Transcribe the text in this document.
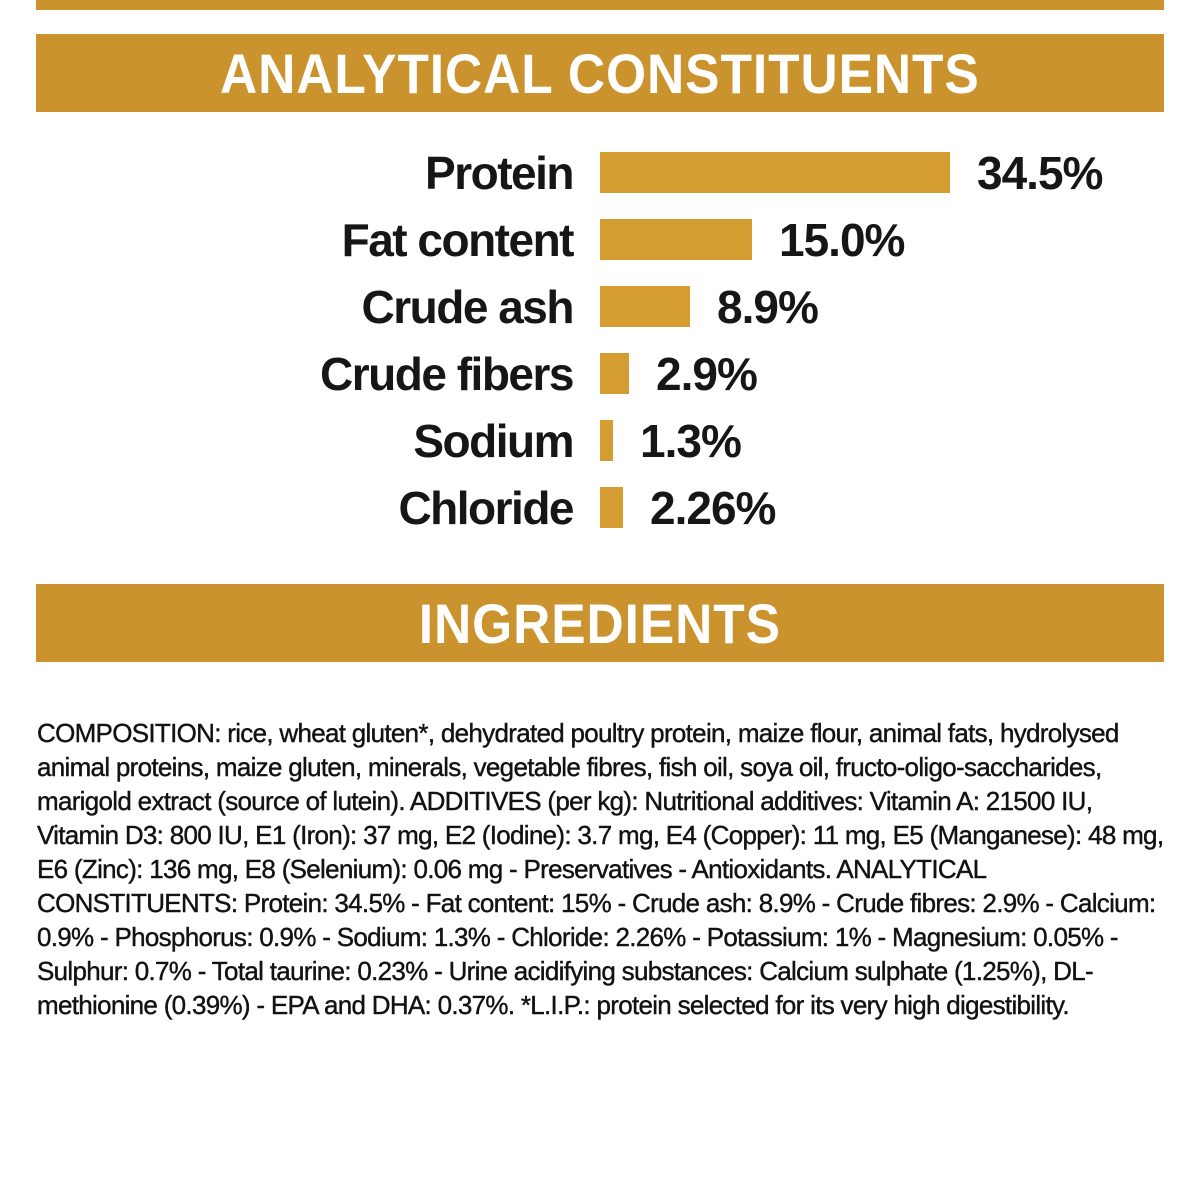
ANALYTICAL CONSTITUENTS
Protein	34.5%
Fat content	15.0%
Crude ash	8.9%
Crude fibers 2.9%
Sodium 1.3%
Chloride 2.26%
INGREDIENTS

COMPOSITION: rice, wheat gluten*, dehydrated poultry protein, maize flour, animal fats, hydrolysed animal proteins, maize gluten, minerals, vegetable fibres, fish oil, soya oil, fructo-oligo-saccharides, marigold extract (source of lutein). ADDITIVES (per kg): Nutritional additives: Vitamin A: 21500 IU, Vitamin D3: 800 IU, E1 (Iron): 37 mg, E2 (Iodine): 3.7 mg, E4 (Copper): 11 mg, E5 (Manganese): 48 mg, E6 (Zinc): 136 mg, E8 (Selenium): 0.06 mg - Preservatives - Antioxidants. ANALYTICAL CONSTITUENTS: Protein: 34.5% - Fat content: 15% - Crude ash: 8.9% - Crude fibres: 2.9% - Calcium: 0.9% - Phosphorus: 0.9% - Sodium: 1.3% - Chloride: 2.26% - Potassium: 1% - Magnesium: 0.05% - Sulphur: 0.7% - Total taurine: 0.23% - Urine acidifying substances: Calcium sulphate (1.25%), DL-methionine (0.39%) - EPA and DHA: 0.37%. *L.I.P.: protein selected for its very high digestibility.
